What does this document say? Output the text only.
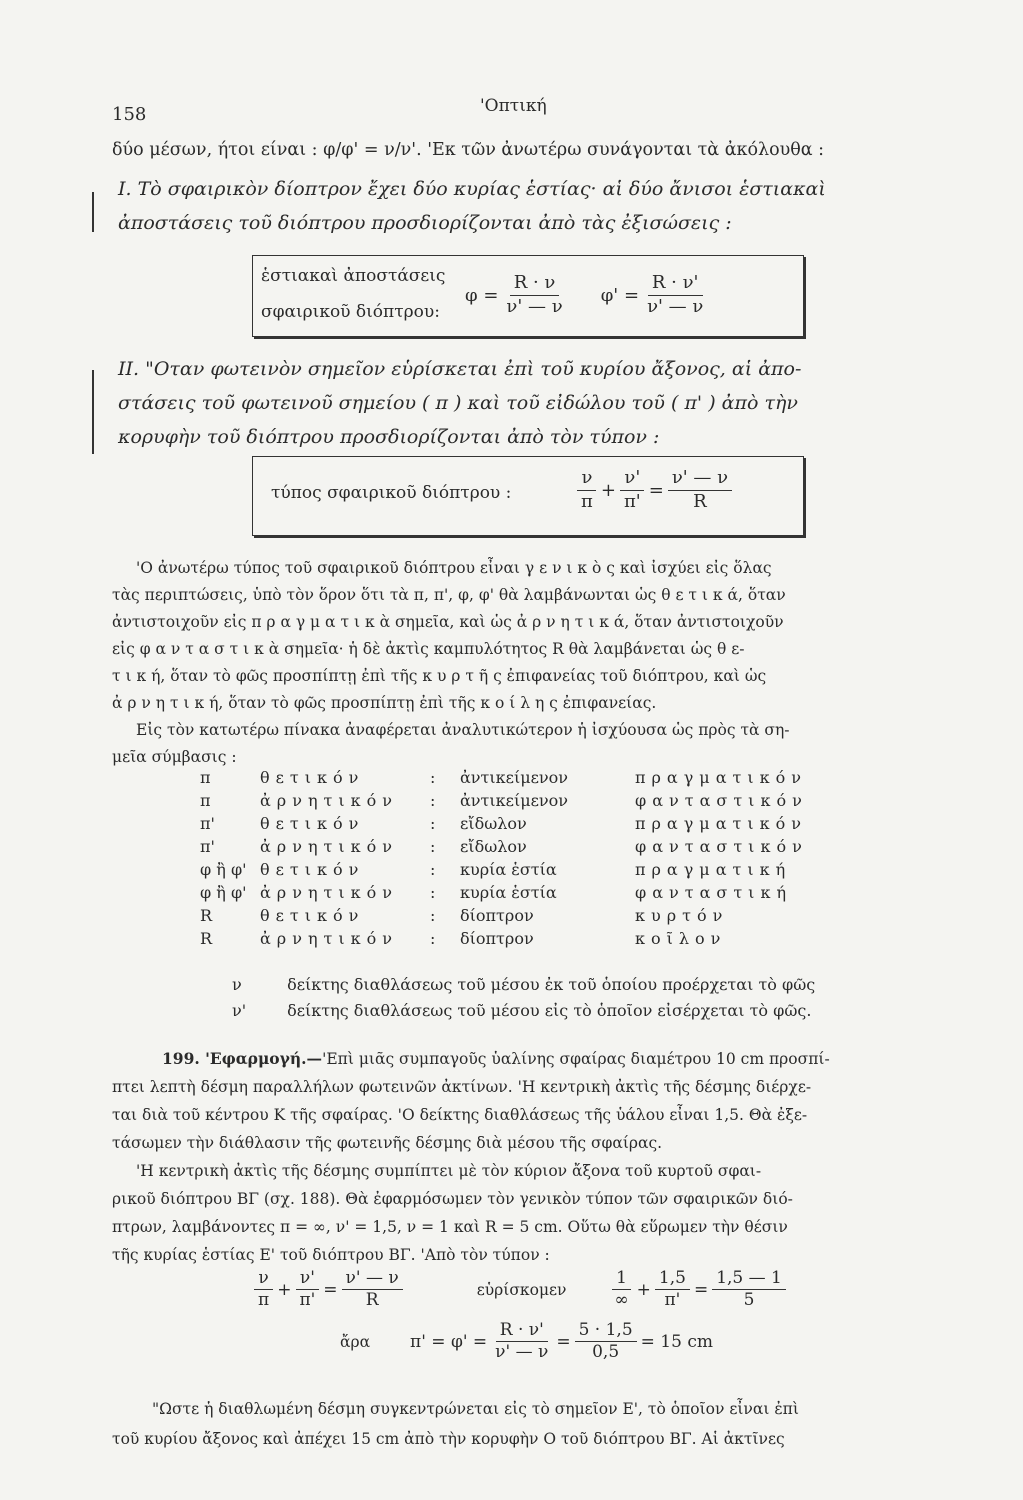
158	'Οπτική
δύο μέσων, ήτοι είναι : φ/φ' = ν/ν'. 'Εκ τῶν ἀνωτέρω συνάγονται τὰ ἀκόλουθα :
I. Τὸ σφαιρικὸν δίοπτρον ἔχει δύο κυρίας ἑστίας· αἱ δύο ἄνισοι ἑστιακαὶ
ἀποστάσεις τοῦ διόπτρου προσδιορίζονται ἀπὸ τὰς ἐξισώσεις :
ἑστιακαὶ ἀποστάσεις
σφαιρικοῦ διόπτρου:
$\varphi = \frac{R \cdot \nu}{\nu' — \nu} \varphi' = \frac{R \cdot \nu'}{\nu' — \nu}$
II. "Οταν φωτεινὸν σημεῖον εὑρίσκεται ἐπὶ τοῦ κυρίου ἄξονος, αἱ ἀπο-
στάσεις τοῦ φωτεινοῦ σημείου ( π ) καὶ τοῦ εἰδώλου τοῦ ( π' ) ἀπὸ τὴν
κορυφὴν τοῦ διόπτρου προσδιορίζονται ἀπὸ τὸν τύπον :
τύπος σφαιρικοῦ διόπτρου :	$\frac{\nu}{\pi} + \frac{\nu'}{\pi'} = \frac{\nu' — \nu}{R}$
'Ο ἀνωτέρω τύπος τοῦ σφαιρικοῦ διόπτρου εἶναι γ ε ν ι κ ὸ ς καὶ ἰσχύει εἰς ὅλας
τὰς περιπτώσεις, ὑπὸ τὸν ὅρον ὅτι τὰ π, π', φ, φ' θὰ λαμβάνωνται ὡς θ ε τ ι κ ά, ὅταν
ἀντιστοιχοῦν εἰς π ρ α γ μ α τ ι κ ὰ σημεῖα, καὶ ὡς ἀ ρ ν η τ ι κ ά, ὅταν ἀντιστοιχοῦν
εἰς φ α ν τ α σ τ ι κ ὰ σημεῖα· ἡ δὲ ἀκτὶς καμπυλότητος R θὰ λαμβάνεται ὡς θ ε-
τ ι κ ή, ὅταν τὸ φῶς προσπίπτῃ ἐπὶ τῆς κ υ ρ τ ῆ ς ἐπιφανείας τοῦ διόπτρου, καὶ ὡς
ἀ ρ ν η τ ι κ ή, ὅταν τὸ φῶς προσπίπτῃ ἐπὶ τῆς κ ο ί λ η ς ἐπιφανείας.
Εἰς τὸν κατωτέρω πίνακα ἀναφέρεται ἀναλυτικώτερον ἡ ἰσχύουσα ὡς πρὸς τὰ ση-
μεῖα σύμβασις :
π	θετικόν	:	ἀντικείμενον	πραγματικόν
π	ἀρνητικόν	:	ἀντικείμενον	φανταστικόν
π'	θετικόν	:	εἴδωλον	πραγματικόν
π'	ἀρνητικόν	:	εἴδωλον	φανταστικόν
φ ἢ φ'	θετικόν	:	κυρία ἑστία	πραγματική
φ ἢ φ'	ἀρνητικόν	:	κυρία ἑστία	φανταστική
R	θετικόν	:	δίοπτρον	κυρτόν
R	ἀρνητικόν	:	δίοπτρον	κοῖλον
ν	δείκτης διαθλάσεως τοῦ μέσου ἐκ τοῦ ὁποίου προέρχεται τὸ φῶς
ν'	δείκτης διαθλάσεως τοῦ μέσου εἰς τὸ ὁποῖον εἰσέρχεται τὸ φῶς.
199. 'Εφαρμογή.—'Επὶ μιᾶς συμπαγοῦς ὑαλίνης σφαίρας διαμέτρου 10 cm προσπί-
πτει λεπτὴ δέσμη παραλλήλων φωτεινῶν ἀκτίνων. 'Η κεντρικὴ ἀκτὶς τῆς δέσμης διέρχε-
ται διὰ τοῦ κέντρου Κ τῆς σφαίρας. 'Ο δείκτης διαθλάσεως τῆς ὑάλου εἶναι 1,5. Θὰ ἐξε-
τάσωμεν τὴν διάθλασιν τῆς φωτεινῆς δέσμης διὰ μέσου τῆς σφαίρας.
'Η κεντρικὴ ἀκτὶς τῆς δέσμης συμπίπτει μὲ τὸν κύριον ἄξονα τοῦ κυρτοῦ σφαι-
ρικοῦ διόπτρου ΒΓ (σχ. 188). Θὰ ἐφαρμόσωμεν τὸν γενικὸν τύπον τῶν σφαιρικῶν διό-
πτρων, λαμβάνοντες π = ∞, ν' = 1,5, ν = 1 καὶ R = 5 cm. Οὕτω θὰ εὕρωμεν τὴν θέσιν
τῆς κυρίας ἑστίας Ε' τοῦ διόπτρου ΒΓ. 'Απὸ τὸν τύπον :
$\frac{\nu}{\pi} + \frac{\nu'}{\pi'} = \frac{\nu' — \nu}{R}$	εὑρίσκομεν	$\frac{1}{\infty} + \frac{1,5}{\pi'} = \frac{1,5 — 1}{5}$
ἄρα $\pi' = \varphi' = \frac{R \cdot \nu'}{\nu' — \nu} = \frac{5 \cdot 1,5}{0,5} = 15$ cm
"Ωστε ἡ διαθλωμένη δέσμη συγκεντρώνεται εἰς τὸ σημεῖον Ε', τὸ ὁποῖον εἶναι ἐπὶ
τοῦ κυρίου ἄξονος καὶ ἀπέχει 15 cm ἀπὸ τὴν κορυφὴν Ο τοῦ διόπτρου ΒΓ. Αἱ ἀκτῖνες
